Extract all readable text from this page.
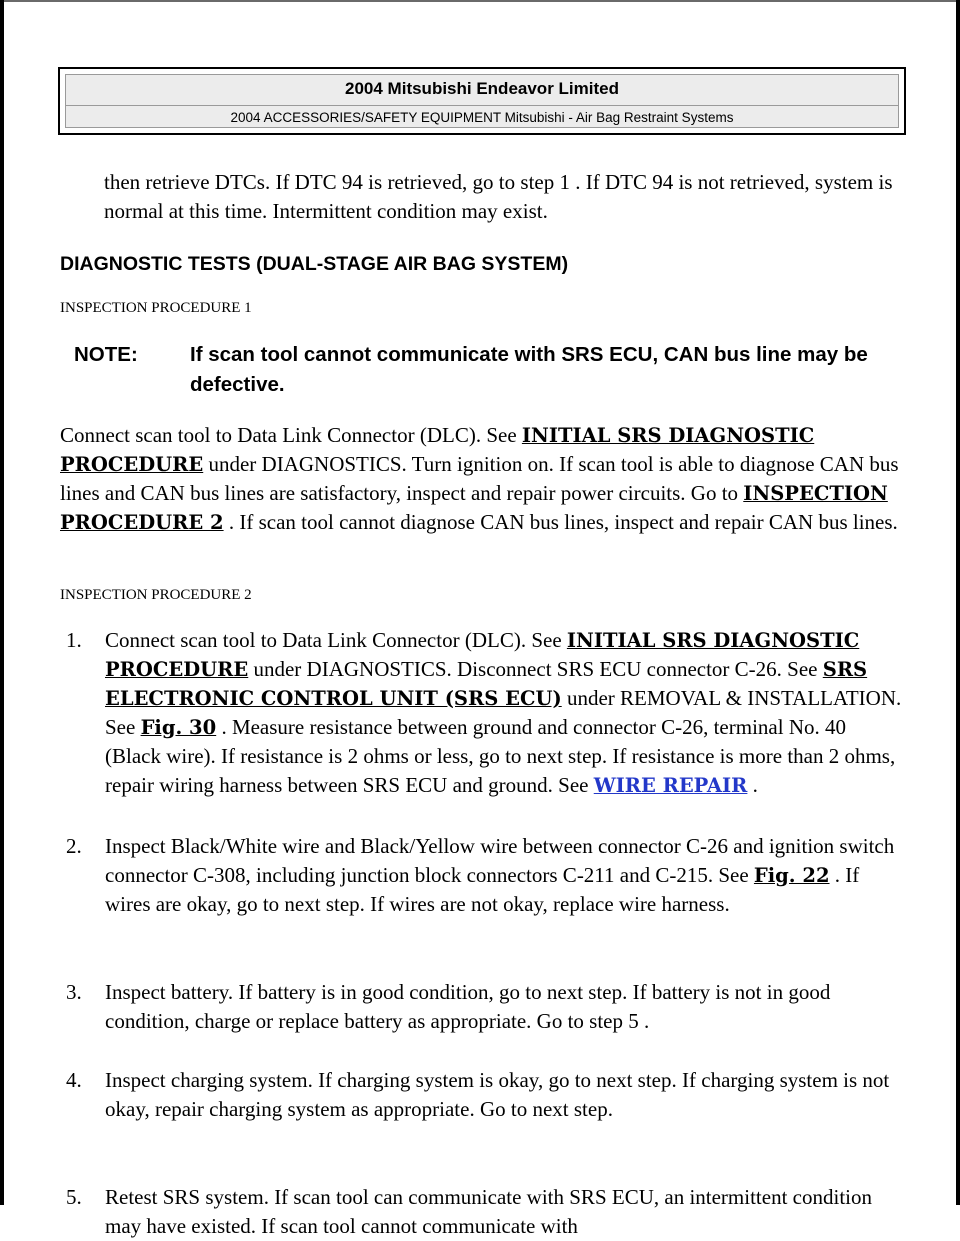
2004 Mitsubishi Endeavor Limited
2004 ACCESSORIES/SAFETY EQUIPMENT Mitsubishi - Air Bag Restraint Systems

then retrieve DTCs. If DTC 94 is retrieved, go to step 1 . If DTC 94 is not retrieved, system is normal at this time. Intermittent condition may exist.

DIAGNOSTIC TESTS (DUAL-STAGE AIR BAG SYSTEM)
INSPECTION PROCEDURE 1
NOTE:	If scan tool cannot communicate with SRS ECU, CAN bus line may be defective.

Connect scan tool to Data Link Connector (DLC). See INITIAL SRS DIAGNOSTIC PROCEDURE under DIAGNOSTICS. Turn ignition on. If scan tool is able to diagnose CAN bus lines and CAN bus lines are satisfactory, inspect and repair power circuits. Go to INSPECTION PROCEDURE 2 . If scan tool cannot diagnose CAN bus lines, inspect and repair CAN bus lines.

INSPECTION PROCEDURE 2
1.	Connect scan tool to Data Link Connector (DLC). See INITIAL SRS DIAGNOSTIC PROCEDURE under DIAGNOSTICS. Disconnect SRS ECU connector C-26. See SRS ELECTRONIC CONTROL UNIT (SRS ECU) under REMOVAL & INSTALLATION. See Fig. 30 . Measure resistance between ground and connector C-26, terminal No. 40 (Black wire). If resistance is 2 ohms or less, go to next step. If resistance is more than 2 ohms, repair wiring harness between SRS ECU and ground. See WIRE REPAIR .
2.	Inspect Black/White wire and Black/Yellow wire between connector C-26 and ignition switch connector C-308, including junction block connectors C-211 and C-215. See Fig. 22 . If wires are okay, go to next step. If wires are not okay, replace wire harness.
3.	Inspect battery. If battery is in good condition, go to next step. If battery is not in good condition, charge or replace battery as appropriate. Go to step 5 .
4.	Inspect charging system. If charging system is okay, go to next step. If charging system is not okay, repair charging system as appropriate. Go to next step.
5.	Retest SRS system. If scan tool can communicate with SRS ECU, an intermittent condition may have existed. If scan tool cannot communicate with
